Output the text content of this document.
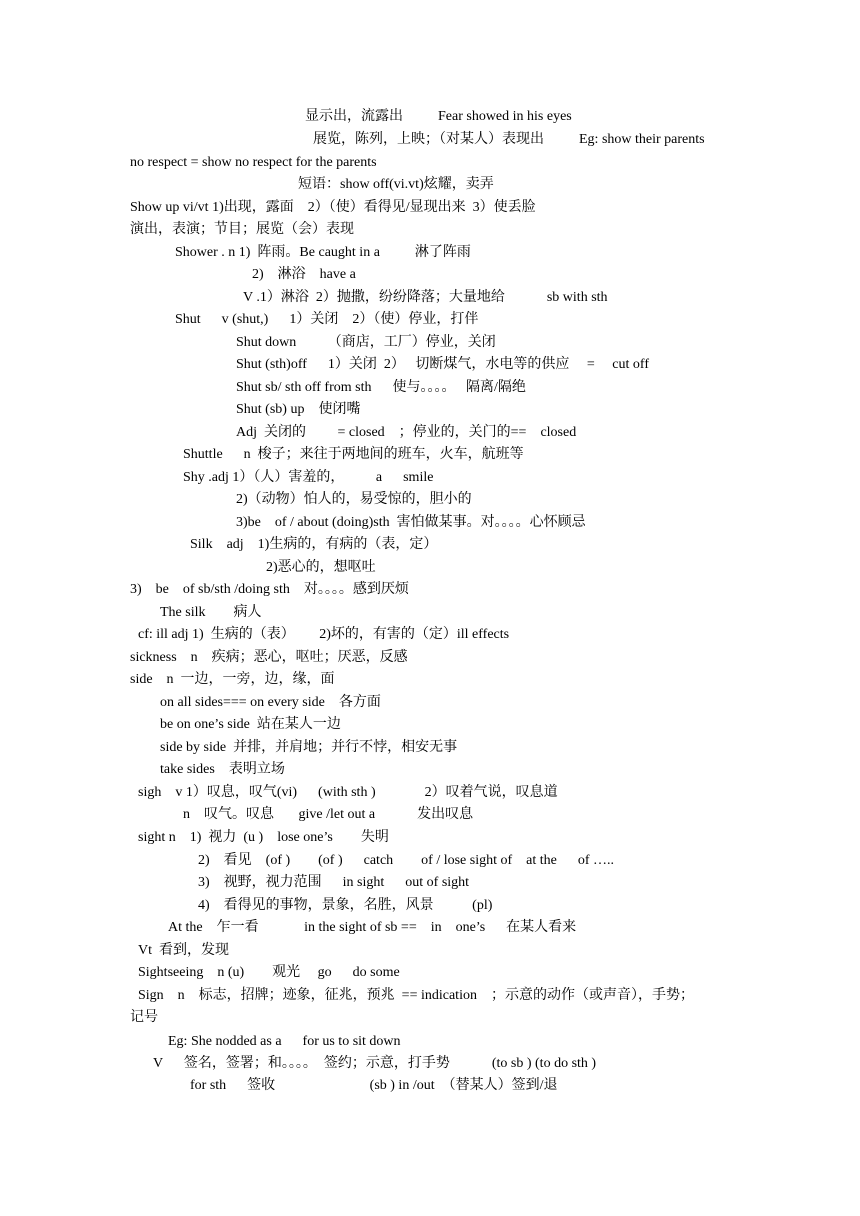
显示出，流露出          Fear showed in his eyes
展览，陈列，上映；（对某人）表现出          Eg: show their parents
no respect = show no respect for the parents
短语：show off(vi.vt)炫耀，卖弄
Show up vi/vt 1)出现，露面    2）（使）看得见/显现出来  3）使丢脸
演出，表演；节目；展览（会）表现
Shower . n 1)  阵雨。Be caught in a          淋了阵雨
2)    淋浴    have a
V .1）淋浴  2）抛撒，纷纷降落；大量地给            sb with sth
Shut      v (shut,)      1）关闭    2）（使）停业，打伴
Shut down         （商店，工厂）停业，关闭
Shut (sth)off      1）关闭  2）   切断煤气，水电等的供应     =     cut off
Shut sb/ sth off from sth      使与。。。。   隔离/隔绝
Shut (sb) up    使闭嘴
Adj  关闭的         = closed    ；停业的，关门的==    closed
Shuttle      n  梭子；来往于两地间的班车，火车，航班等
Shy .adj 1）（人）害羞的，         a      smile
2)（动物）怕人的，易受惊的，胆小的
3)be    of / about (doing)sth  害怕做某事。对。。。。心怀顾忌
Silk    adj    1)生病的，有病的（表，定）
2)恶心的，想呕吐
3)    be    of sb/sth /doing sth    对。。。。感到厌烦
The silk        病人
cf: ill adj 1)  生病的（表）       2)坏的，有害的（定）ill effects
sickness    n    疾病；恶心，呕吐；厌恶，反感
side    n  一边，一旁，边，缘，面
on all sides=== on every side    各方面
be on one’s side  站在某人一边
side by side  并排，并肩地；并行不悖，相安无事
take sides    表明立场
sigh    v 1）叹息，叹气(vi)      (with sth )              2）叹着气说，叹息道
n    叹气。叹息       give /let out a            发出叹息
sight n    1)  视力  (u )    lose one’s        失明
2)    看见    (of )        (of )      catch        of / lose sight of    at the      of …..
3)    视野，视力范围      in sight      out of sight
4)    看得见的事物，景象，名胜，风景           (pl)
At the    乍一看             in the sight of sb ==    in    one’s      在某人看来
Vt  看到，发现
Sightseeing    n (u)        观光     go      do some
Sign    n    标志，招牌；迹象，征兆，预兆  == indication    ；示意的动作（或声音），手势；
记号
Eg: She nodded as a      for us to sit down
V      签名，签署；和。。。。  签约；示意，打手势            (to sb ) (to do sth )
for sth      签收                           (sb ) in /out  （替某人）签到/退
